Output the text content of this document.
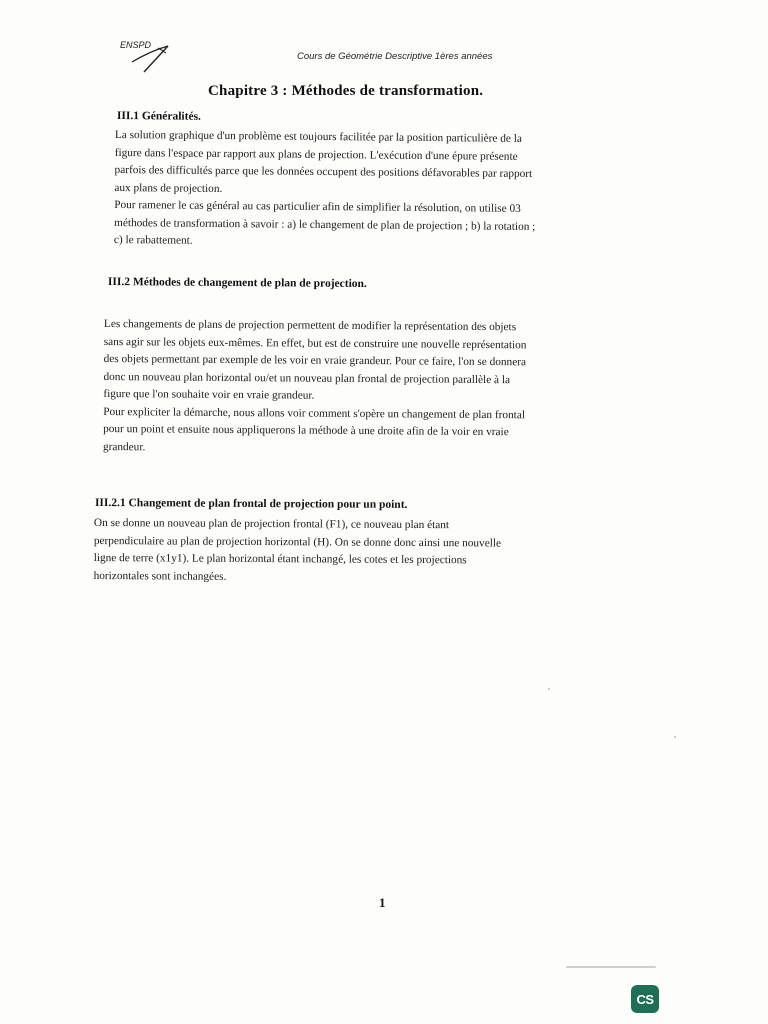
ENSPD
Cours de Géométrie Descriptive 1ères années
Chapitre 3 : Méthodes de transformation.
III.1 Généralités.
La solution graphique d'un problème est toujours facilitée par la position particulière de la
figure dans l'espace par rapport aux plans de projection. L'exécution d'une épure présente
parfois des difficultés parce que les données occupent des positions défavorables par rapport
aux plans de projection.
Pour ramener le cas général au cas particulier afin de simplifier la résolution, on utilise 03
méthodes de transformation à savoir : a) le changement de plan de projection ; b) la rotation ;
c) le rabattement.
III.2 Méthodes de changement de plan de projection.
Les changements de plans de projection permettent de modifier la représentation des objets
sans agir sur les objets eux-mêmes. En effet, but est de construire une nouvelle représentation
des objets permettant par exemple de les voir en vraie grandeur. Pour ce faire, l'on se donnera
donc un nouveau plan horizontal ou/et un nouveau plan frontal de projection parallèle à la
figure que l'on souhaite voir en vraie grandeur.
Pour expliciter la démarche, nous allons voir comment s'opère un changement de plan frontal
pour un point et ensuite nous appliquerons la méthode à une droite afin de la voir en vraie
grandeur.
III.2.1 Changement de plan frontal de projection pour un point.
On se donne un nouveau plan de projection frontal (F1), ce nouveau plan étant
perpendiculaire au plan de projection horizontal (H). On se donne donc ainsi une nouvelle
ligne de terre (x1y1). Le plan horizontal étant inchangé, les cotes et les projections
horizontales sont inchangées.
1
CS
